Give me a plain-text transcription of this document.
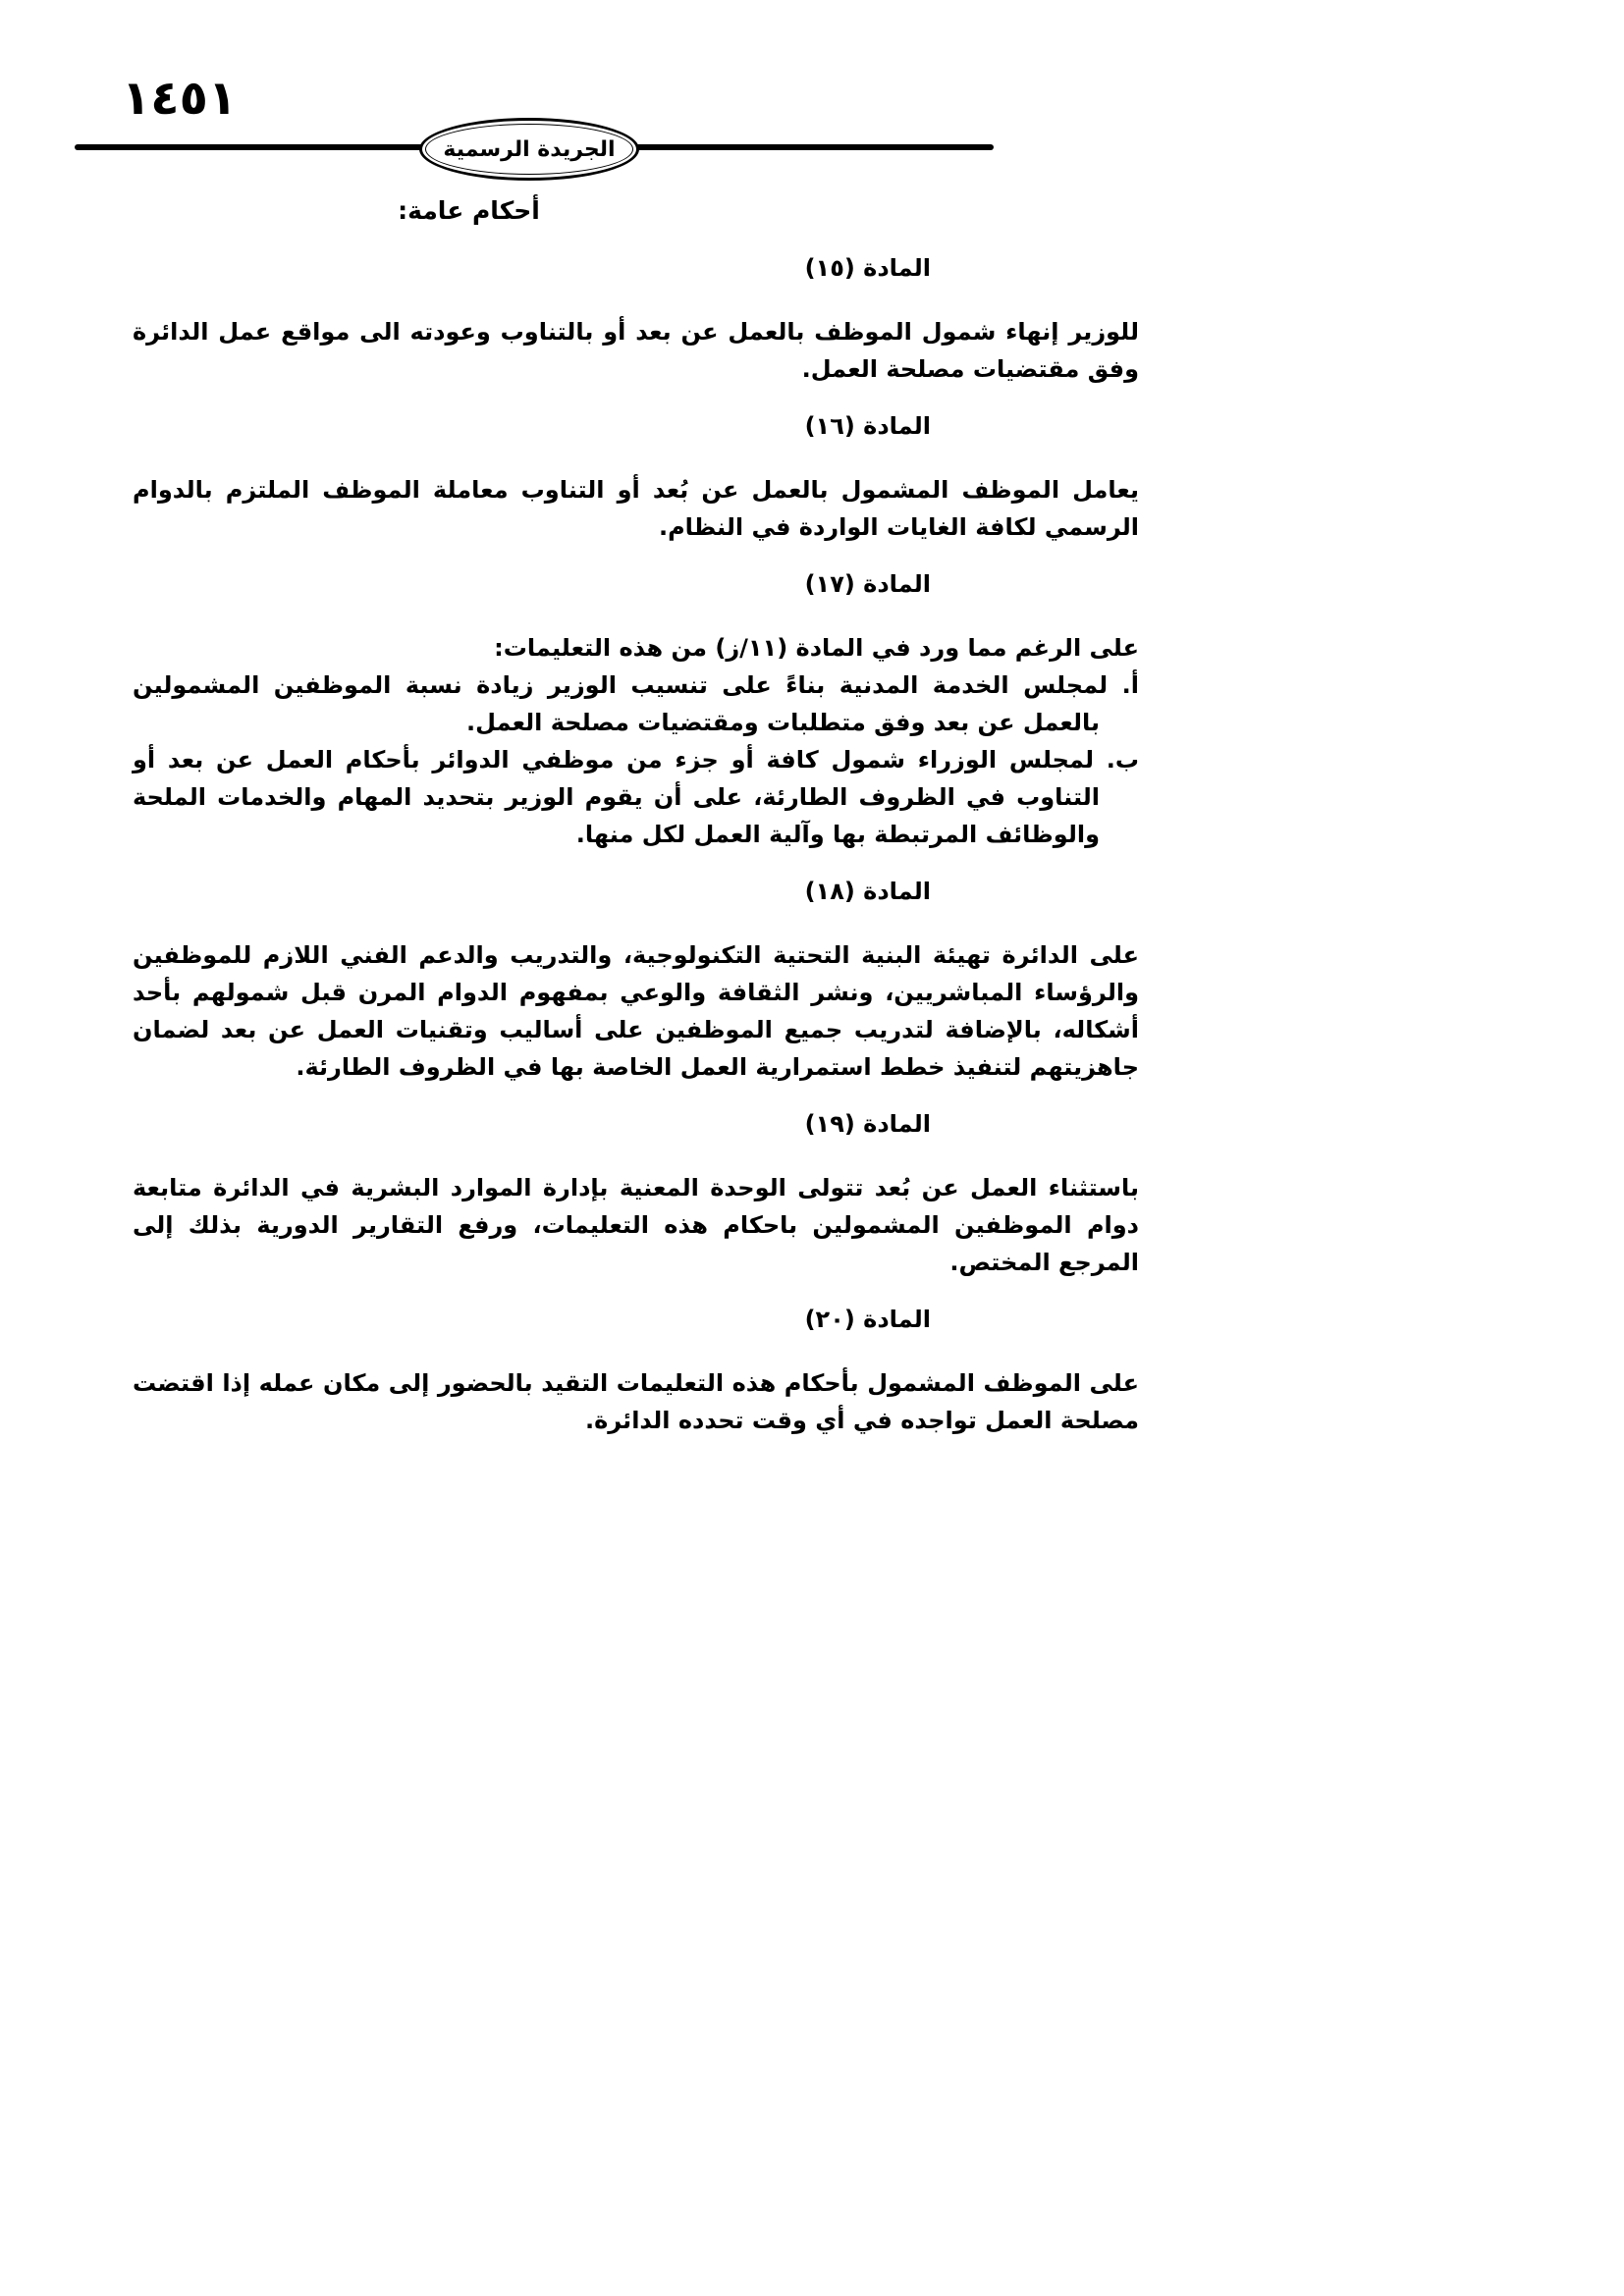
١٤٥١
الجريدة الرسمية
أحكام عامة:
المادة (١٥)

للوزير إنهاء شمول الموظف بالعمل عن بعد أو بالتناوب وعودته الى مواقع عمل الدائرة وفق مقتضيات مصلحة العمل.

المادة (١٦)

يعامل الموظف المشمول بالعمل عن بُعد أو التناوب معاملة الموظف الملتزم بالدوام الرسمي لكافة الغايات الواردة في النظام.

المادة (١٧)

على الرغم مما ورد في المادة (١١/ز) من هذه التعليمات:

أ. لمجلس الخدمة المدنية بناءً على تنسيب الوزير زيادة نسبة الموظفين المشمولين بالعمل عن بعد وفق متطلبات ومقتضيات مصلحة العمل.

ب. لمجلس الوزراء شمول كافة أو جزء من موظفي الدوائر بأحكام العمل عن بعد أو التناوب في الظروف الطارئة، على أن يقوم الوزير بتحديد المهام والخدمات الملحة والوظائف المرتبطة بها وآلية العمل لكل منها.

المادة (١٨)

على الدائرة تهيئة البنية التحتية التكنولوجية، والتدريب والدعم الفني اللازم للموظفين والرؤساء المباشريين، ونشر الثقافة والوعي بمفهوم الدوام المرن قبل شمولهم بأحد أشكاله، بالإضافة لتدريب جميع الموظفين على أساليب وتقنيات العمل عن بعد لضمان جاهزيتهم لتنفيذ خطط استمرارية العمل الخاصة بها في الظروف الطارئة.

المادة (١٩)

باستثناء العمل عن بُعد تتولى الوحدة المعنية بإدارة الموارد البشرية في الدائرة متابعة دوام الموظفين المشمولين باحكام هذه التعليمات، ورفع التقارير الدورية بذلك إلى المرجع المختص.

المادة (٢٠)

على الموظف المشمول بأحكام هذه التعليمات التقيد بالحضور إلى مكان عمله إذا اقتضت مصلحة العمل تواجده في أي وقت تحدده الدائرة.
